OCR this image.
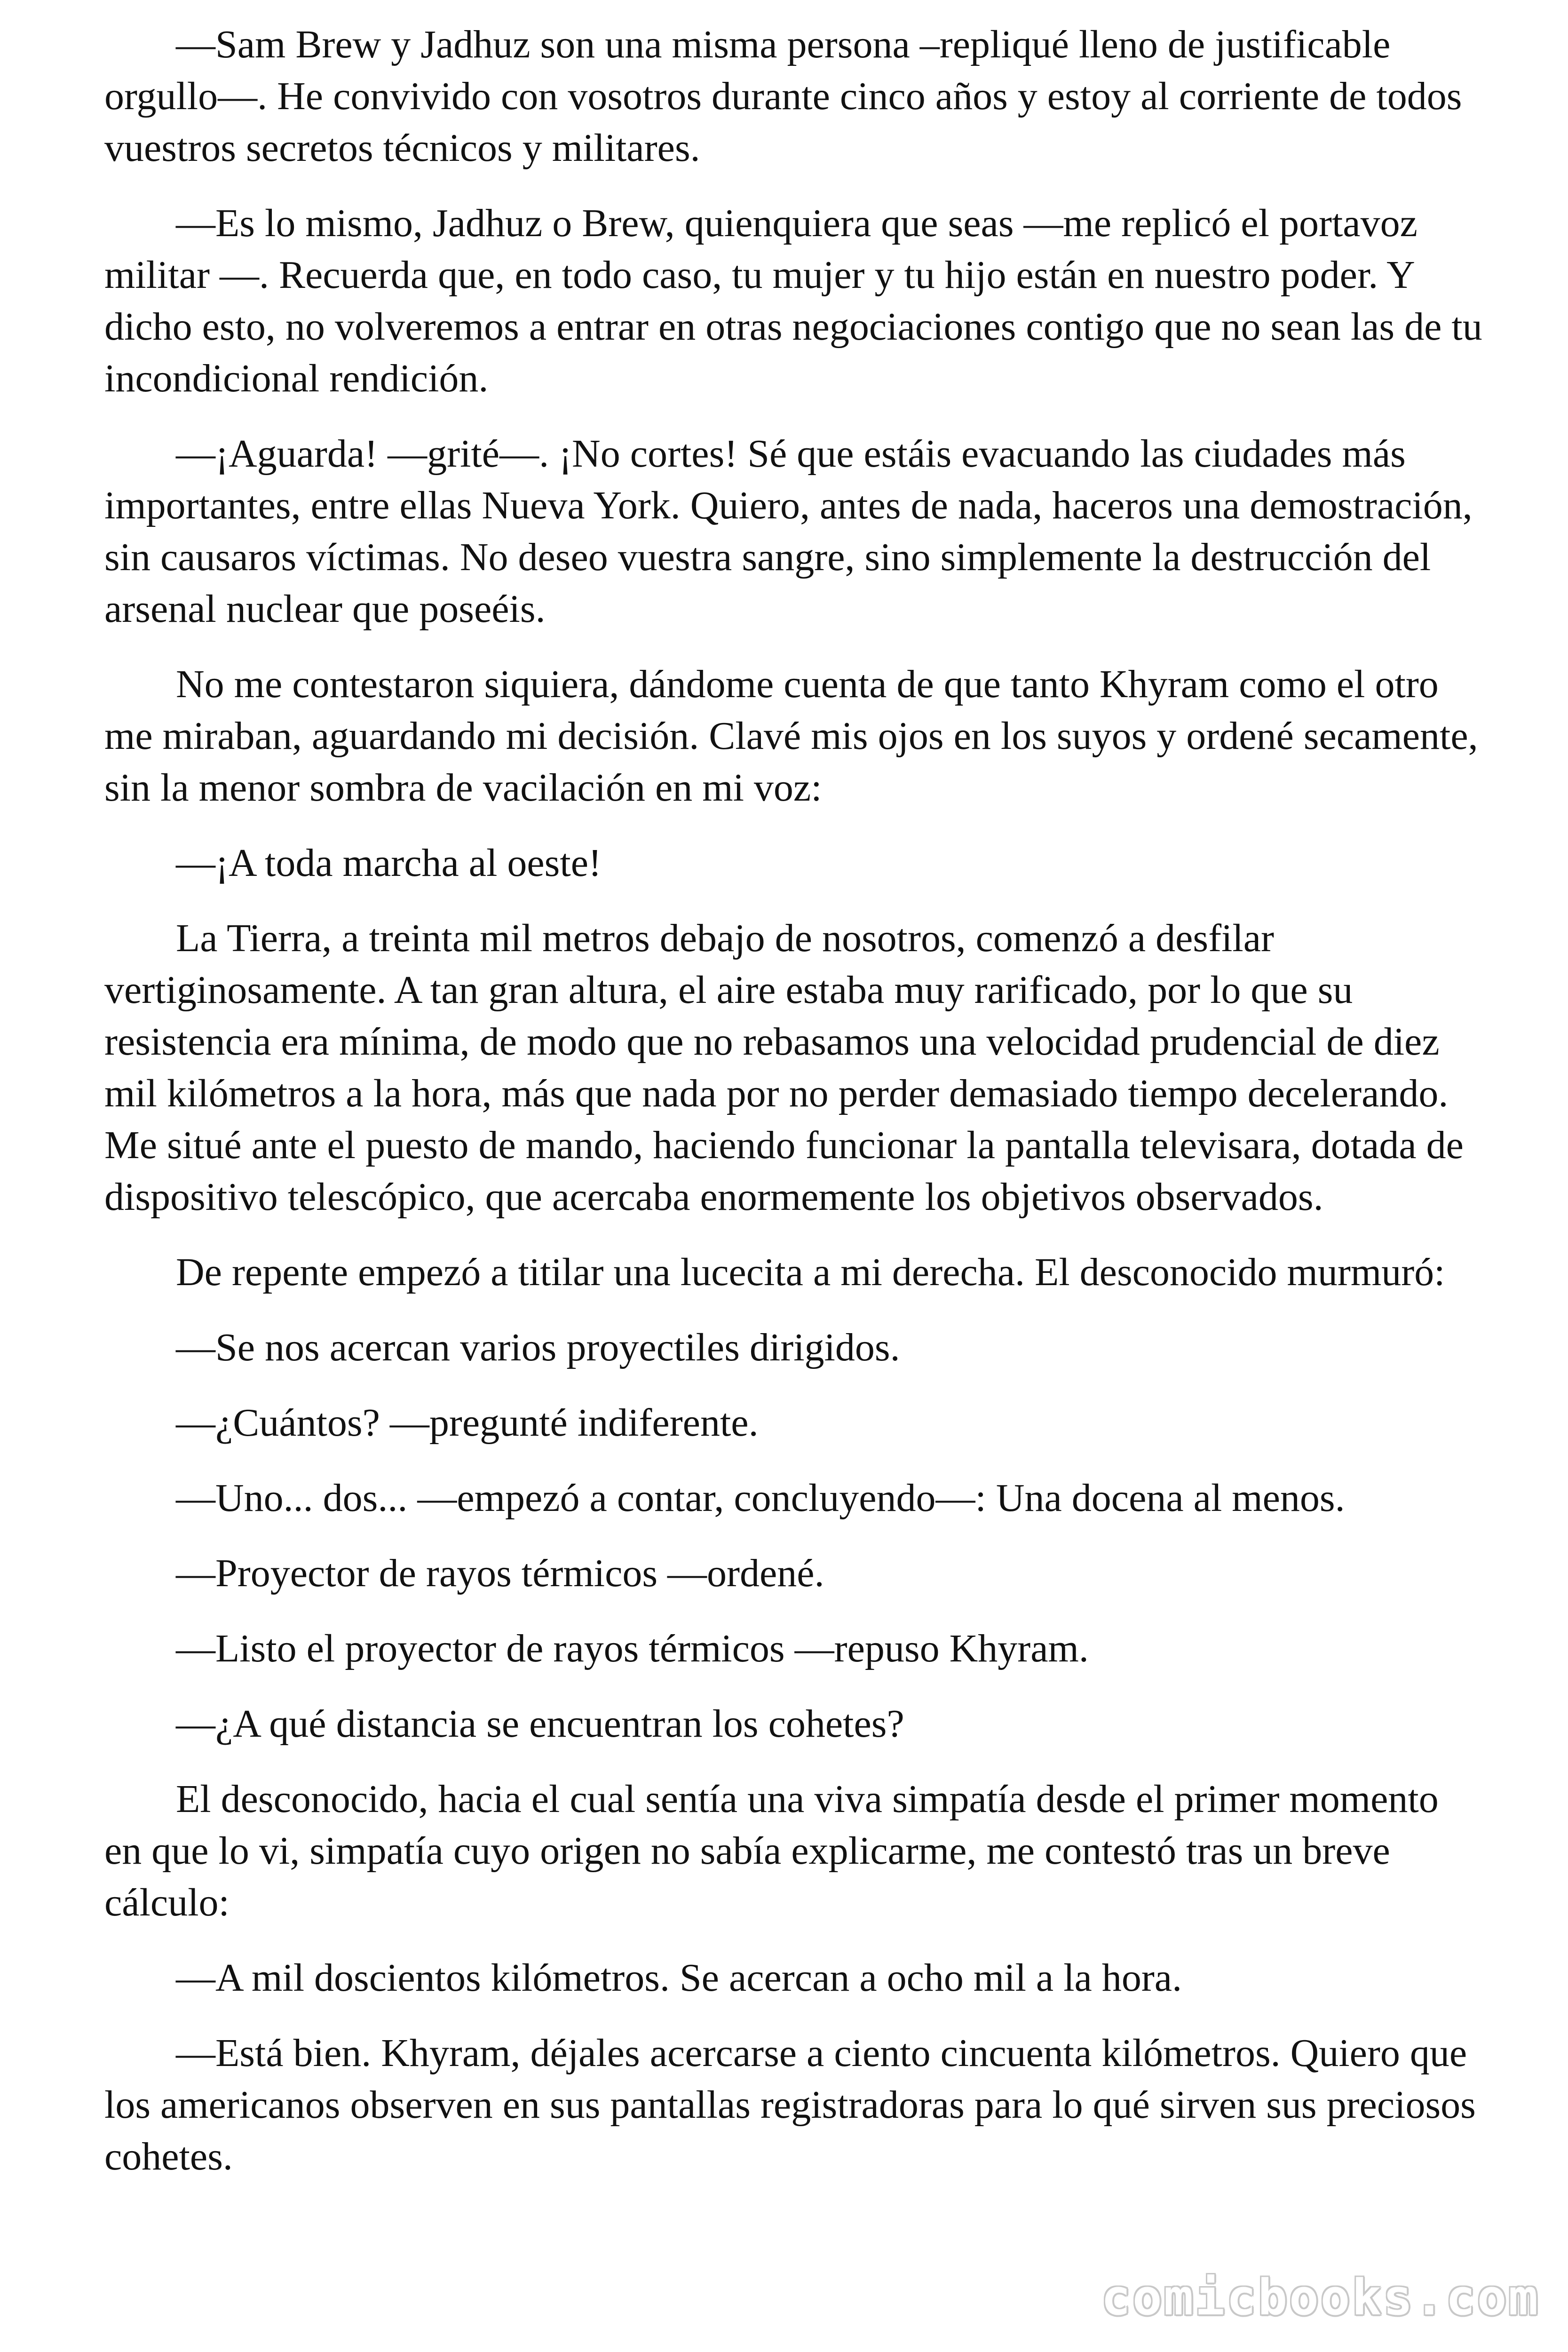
—Sam Brew y Jadhuz son una misma persona –repliqué lleno de justificable orgullo—. He convivido con vosotros durante cinco años y estoy al corriente de todos vuestros secretos técnicos y militares.

—Es lo mismo, Jadhuz o Brew, quienquiera que seas —me replicó el portavoz militar —. Recuerda que, en todo caso, tu mujer y tu hijo están en nuestro poder. Y dicho esto, no volveremos a entrar en otras negociaciones contigo que no sean las de tu incondicional rendición.

—¡Aguarda! —grité—. ¡No cortes! Sé que estáis evacuando las ciudades más importantes, entre ellas Nueva York. Quiero, antes de nada, haceros una demostración, sin causaros víctimas. No deseo vuestra sangre, sino simplemente la destrucción del arsenal nuclear que poseéis.

No me contestaron siquiera, dándome cuenta de que tanto Khyram como el otro me miraban, aguardando mi decisión. Clavé mis ojos en los suyos y ordené secamente, sin la menor sombra de vacilación en mi voz:

—¡A toda marcha al oeste!

La Tierra, a treinta mil metros debajo de nosotros, comenzó a desfilar vertiginosamente. A tan gran altura, el aire estaba muy rarificado, por lo que su resistencia era mínima, de modo que no rebasamos una velocidad prudencial de diez mil kilómetros a la hora, más que nada por no perder demasiado tiempo decelerando. Me situé ante el puesto de mando, haciendo funcionar la pantalla televisara, dotada de dispositivo telescópico, que acercaba enormemente los objetivos observados.

De repente empezó a titilar una lucecita a mi derecha. El desconocido murmuró:

—Se nos acercan varios proyectiles dirigidos.

—¿Cuántos? —pregunté indiferente.

—Uno... dos... —empezó a contar, concluyendo—: Una docena al menos.

—Proyector de rayos térmicos —ordené.

—Listo el proyector de rayos térmicos —repuso Khyram.

—¿A qué distancia se encuentran los cohetes?

El desconocido, hacia el cual sentía una viva simpatía desde el primer momento en que lo vi, simpatía cuyo origen no sabía explicarme, me contestó tras un breve cálculo:

—A mil doscientos kilómetros. Se acercan a ocho mil a la hora.

—Está bien. Khyram, déjales acercarse a ciento cincuenta kilómetros. Quiero que los americanos observen en sus pantallas registradoras para lo qué sirven sus preciosos cohetes.

comicbooks.com
